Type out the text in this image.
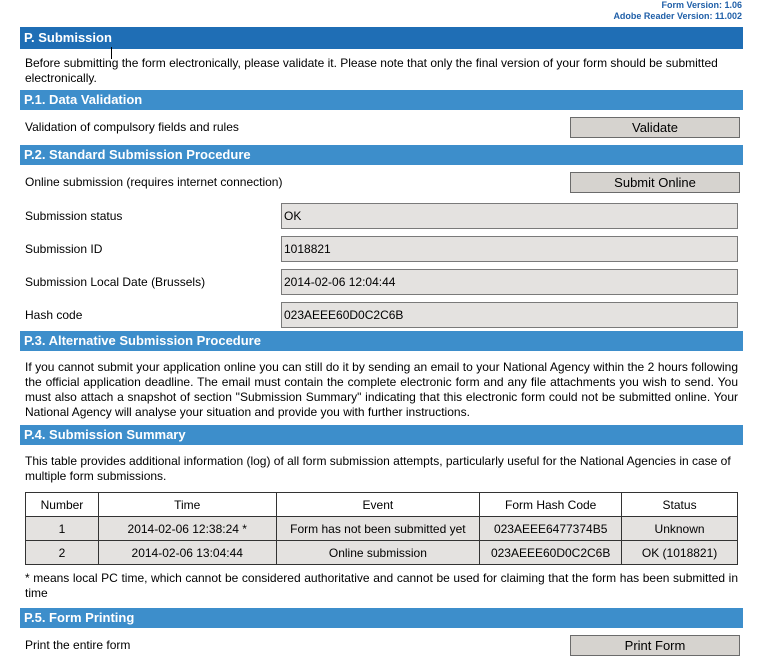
Form Version: 1.06
Adobe Reader Version: 11.002
P. Submission
Before submitting the form electronically, please validate it. Please note that only the final version of your form should be submitted electronically.
P.1. Data Validation
Validation of compulsory fields and rules	Validate
P.2. Standard Submission Procedure
Online submission (requires internet connection)	Submit Online
Submission status	OK
Submission ID	1018821
Submission Local Date (Brussels)	2014-02-06 12:04:44
Hash code	023AEEE60D0C2C6B
P.3. Alternative Submission Procedure
If you cannot submit your application online you can still do it by sending an email to your National Agency within the 2 hours following the official application deadline. The email must contain the complete electronic form and any file attachments you wish to send. You must also attach a snapshot of section "Submission Summary" indicating that this electronic form could not be submitted online. Your National Agency will analyse your situation and provide you with further instructions.
P.4. Submission Summary
This table provides additional information (log) of all form submission attempts, particularly useful for the National Agencies in case of multiple form submissions.
Number	Time	Event	Form Hash Code	Status
1	2014-02-06 12:38:24 *	Form has not been submitted yet	023AEEE6477374B5	Unknown
2	2014-02-06 13:04:44	Online submission	023AEEE60D0C2C6B	OK (1018821)
* means local PC time, which cannot be considered authoritative and cannot be used for claiming that the form has been submitted in time
P.5. Form Printing
Print the entire form	Print Form
